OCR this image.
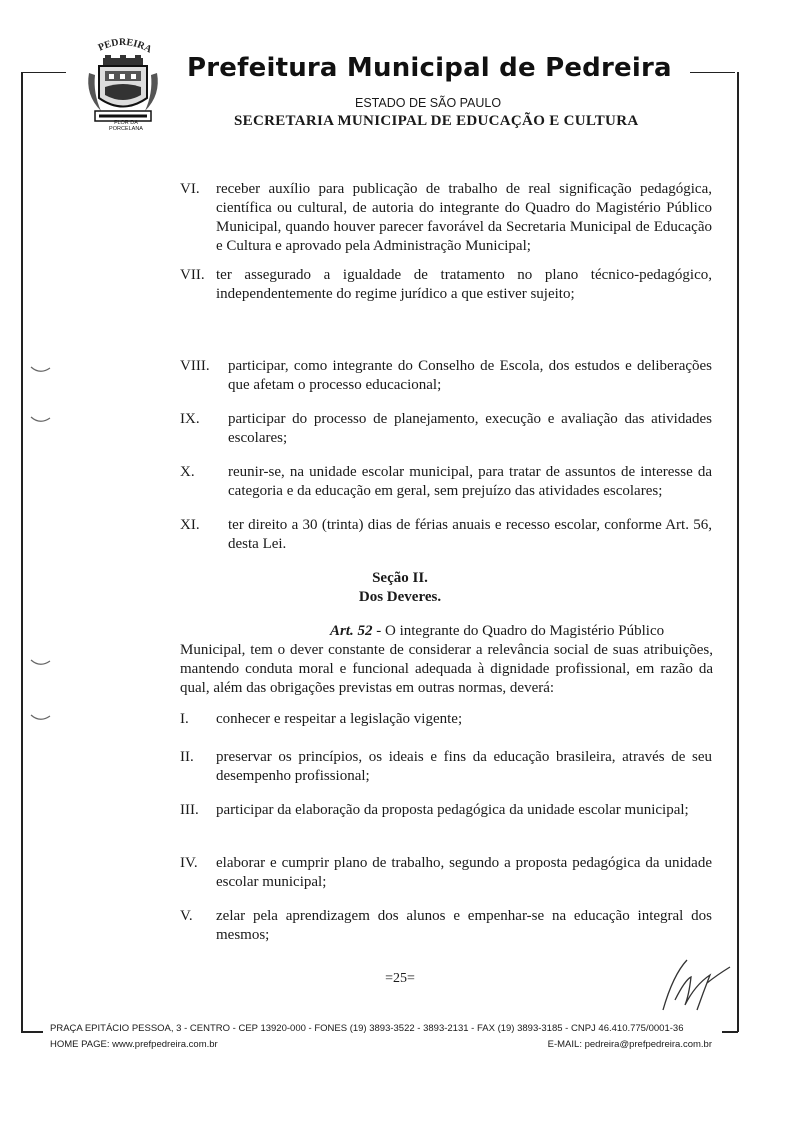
PEDREIRA
FLOR DA PORCELANA
Prefeitura Municipal de Pedreira
ESTADO DE SÃO PAULO
SECRETARIA MUNICIPAL DE EDUCAÇÃO E CULTURA
VI. receber auxílio para publicação de trabalho de real significação pedagógica, científica ou cultural, de autoria do integrante do Quadro do Magistério Público Municipal, quando houver parecer favorável da Secretaria Municipal de Educação e Cultura e aprovado pela Administração Municipal;
VII. ter assegurado a igualdade de tratamento no plano técnico-pedagógico, independentemente do regime jurídico a que estiver sujeito;
VIII. participar, como integrante do Conselho de Escola, dos estudos e deliberações que afetam o processo educacional;
IX. participar do processo de planejamento, execução e avaliação das atividades escolares;
X. reunir-se, na unidade escolar municipal, para tratar de assuntos de interesse da categoria e da educação em geral, sem prejuízo das atividades escolares;
XI. ter direito a 30 (trinta) dias de férias anuais e recesso escolar, conforme Art. 56, desta Lei.
Seção II.
Dos Deveres.
Art. 52 - O integrante do Quadro do Magistério Público
Municipal, tem o dever constante de considerar a relevância social de suas atribuições, mantendo conduta moral e funcional adequada à dignidade profissional, em razão da qual, além das obrigações previstas em outras normas, deverá:
I. conhecer e respeitar a legislação vigente;
II. preservar os princípios, os ideais e fins da educação brasileira, através de seu desempenho profissional;
III. participar da elaboração da proposta pedagógica da unidade escolar municipal;
IV. elaborar e cumprir plano de trabalho, segundo a proposta pedagógica da unidade escolar municipal;
V. zelar pela aprendizagem dos alunos e empenhar-se na educação integral dos mesmos;
=25=
PRAÇA EPITÁCIO PESSOA, 3 - CENTRO - CEP 13920-000 - FONES (19) 3893-3522 - 3893-2131 - FAX (19) 3893-3185 - CNPJ 46.410.775/0001-36
HOME PAGE: www.prefpedreira.com.br	E-MAIL: pedreira@prefpedreira.com.br
